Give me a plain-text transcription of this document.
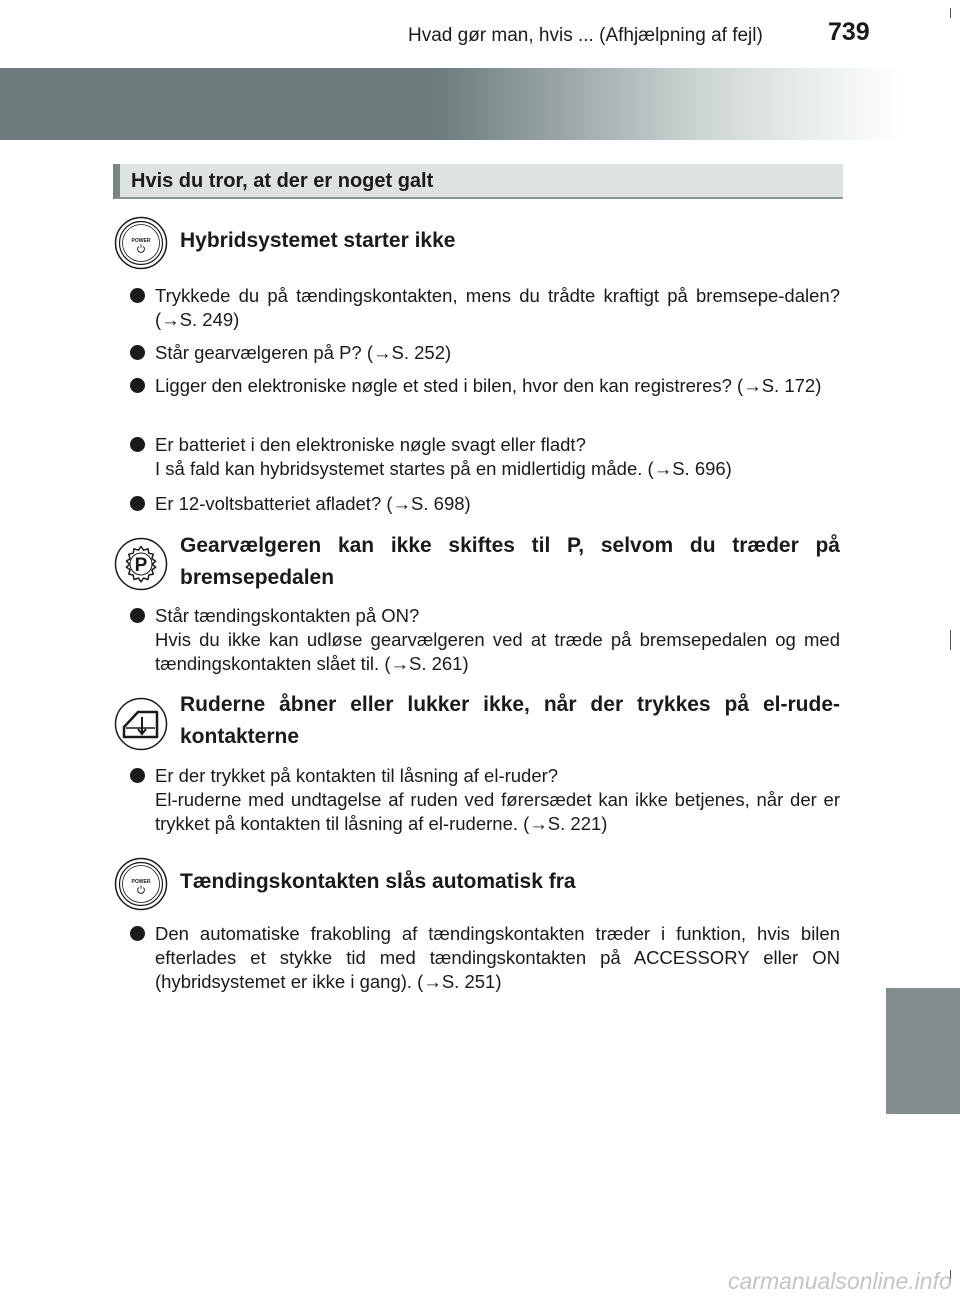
Hvad gør man, hvis ... (Afhjælpning af fejl)	739
Hvis du tror, at der er noget galt
POWER Hybridsystemet starter ikke

Trykkede du på tændingskontakten, mens du trådte kraftigt på bremsepe-dalen? (→S. 249)

Står gearvælgeren på P? (→S. 252)

Ligger den elektroniske nøgle et sted i bilen, hvor den kan registreres? (→S. 172)

Er batteriet i den elektroniske nøgle svagt eller fladt?

I så fald kan hybridsystemet startes på en midlertidig måde. (→S. 696)

Er 12-voltsbatteriet afladet? (→S. 698)

P
Gearvælgeren kan ikke skiftes til P, selvom du træder på bremsepedalen

Står tændingskontakten på ON?

Hvis du ikke kan udløse gearvælgeren ved at træde på bremsepedalen og med tændingskontakten slået til. (→S. 261)

Ruderne åbner eller lukker ikke, når der trykkes på el-rude-kontakterne

Er der trykket på kontakten til låsning af el-ruder?

El-ruderne med undtagelse af ruden ved førersædet kan ikke betjenes, når der er trykket på kontakten til låsning af el-ruderne. (→S. 221)

POWER Tændingskontakten slås automatisk fra

Den automatiske frakobling af tændingskontakten træder i funktion, hvis bilen efterlades et stykke tid med tændingskontakten på ACCESSORY eller ON (hybridsystemet er ikke i gang). (→S. 251)

carmanualsonline.info
